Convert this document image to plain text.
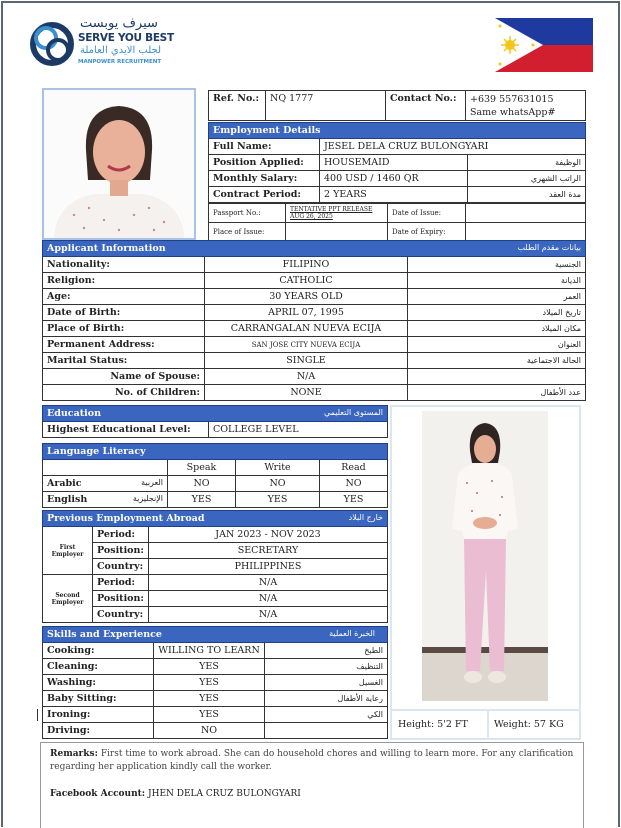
سيرف يوبست
SERVE YOU BEST
لجلب الايدي العاملة
MANPOWER RECRUITMENT
Ref. No.:	NQ 1777	Contact No.:	+639 557631015
Same whatsApp#
Employment Details		
Full Name:	JESEL DELA CRUZ BULONGYARI	
Position Applied:	HOUSEMAID	الوظيفة
Monthly Salary:	400 USD / 1460 QR	الراتب الشهري
Contract Period:	2 YEARS	مدة العقد
Passport No.:	TENTATIVE PPT RELEASE AUG 26, 2025	Date of Issue:	
Place of Issue:		Date of Expiry:	
Applicant Information بيانات مقدم الطلب		

Nationality:	FILIPINO	الجنسية
Religion:	CATHOLIC	الديانة
Age:	30 YEARS OLD	العمر
Date of Birth:	APRIL 07, 1995	تاريخ الميلاد
Place of Birth:	CARRANGALAN NUEVA ECIJA	مكان الميلاد
Permanent Address:	SAN JOSE CITY NUEVA ECIJA	العنوان
Marital Status:	SINGLE	الحالة الاجتماعية
Name of Spouse:	N/A	
No. of Children:	NONE	عدد الأطفال
Education	المستوى التعليمي

Highest Educational Level:	COLLEGE LEVEL
Language Literacy			
	Speak	Write	Read
Arabic العربية	NO	NO	NO
English الإنجليزية	YES	YES	YES
Previous Employment Abroad خارج البلاد		

First Employer	Period:	JAN 2023 - NOV 2023
	Position:	SECRETARY
	Country:	PHILIPPINES
Second Employer	Period:	N/A
	Position:	N/A
	Country:	N/A
Skills and Experience الخبرة العملية		

Cooking:	WILLING TO LEARN	الطبخ
Cleaning:	YES	التنظيف
Washing:	YES	الغسيل
Baby Sitting:	YES	رعاية الأطفال
Ironing:	YES	الكي
Driving:	NO	
Height: 5'2 FT	Weight: 57 KG
Remarks: First time to work abroad. She can do household chores and willing to learn more. For any clarification regarding her application kindly call the worker.
Facebook Account: JHEN DELA CRUZ BULONGYARI
